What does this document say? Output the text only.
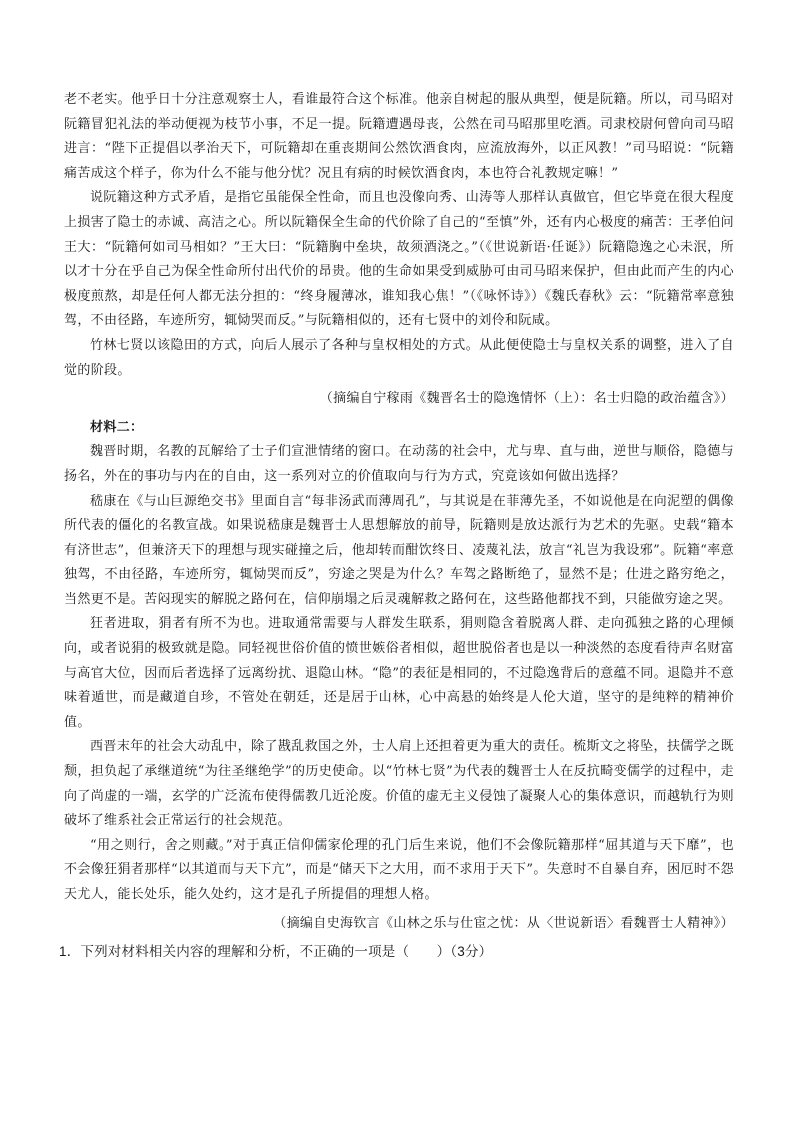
老不老实。他乎日十分注意观察士人，看谁最符合这个标准。他亲自树起的服从典型，便是阮籍。所以，司马昭对阮籍冒犯礼法的举动便视为枝节小事，不足一提。阮籍遭遇母丧，公然在司马昭那里吃酒。司隶校尉何曾向司马昭进言：“陛下正提倡以孝治天下，可阮籍却在重丧期间公然饮酒食肉，应流放海外，以正风教！”司马昭说：“阮籍痛苦成这个样子，你为什么不能与他分忧？况且有病的时候饮酒食肉，本也符合礼教规定嘛！”

说阮籍这种方式矛盾，是指它虽能保全性命，而且也没像向秀、山涛等人那样认真做官，但它毕竟在很大程度上损害了隐士的赤诚、高洁之心。所以阮籍保全生命的代价除了自己的“至慎”外，还有内心极度的痛苦：王孝伯问王大：“阮籍何如司马相如？”王大曰：“阮籍胸中垒块，故须酒浇之。”（《世说新语·任诞》）阮籍隐逸之心未泯，所以才十分在乎自己为保全性命所付出代价的昂贵。他的生命如果受到威胁可由司马昭来保护，但由此而产生的内心极度煎熬，却是任何人都无法分担的：“终身履薄冰，谁知我心焦！”（《咏怀诗》）《魏氏春秋》云：“阮籍常率意独驾，不由径路，车迹所穷，辄恸哭而反。”与阮籍相似的，还有七贤中的刘伶和阮咸。

竹林七贤以该隐田的方式，向后人展示了各种与皇权相处的方式。从此便使隐士与皇权关系的调整，进入了自觉的阶段。

（摘编自宁稼雨《魏晋名士的隐逸情怀（上）：名士归隐的政治蕴含》）

材料二：

魏晋时期，名教的瓦解给了士子们宣泄情绪的窗口。在动荡的社会中，尤与卑、直与曲，逆世与顺俗，隐德与扬名，外在的事功与内在的自由，这一系列对立的价值取向与行为方式，究竟该如何做出选择？

嵇康在《与山巨源绝交书》里面自言“每非汤武而薄周孔”，与其说是在菲薄先圣，不如说他是在向泥塑的偶像所代表的僵化的名教宣战。如果说嵇康是魏晋士人思想解放的前导，阮籍则是放达派行为艺术的先驱。史载“籍本有济世志”，但兼济天下的理想与现实碰撞之后，他却转而酣饮终日、凌蔑礼法，放言“礼岂为我设邪”。阮籍“率意独驾，不由径路，车迹所穷，辄恸哭而反”，穷途之哭是为什么？车驾之路断绝了，显然不是；仕进之路穷绝之，当然更不是。苦闷现实的解脱之路何在，信仰崩塌之后灵魂解救之路何在，这些路他都找不到，只能做穷途之哭。

狂者进取，狷者有所不为也。进取通常需要与人群发生联系，狷则隐含着脱离人群、走向孤独之路的心理倾向，或者说狷的极致就是隐。同轻视世俗价值的愤世嫉俗者相似，超世脱俗者也是以一种淡然的态度看待声名财富与高官大位，因而后者选择了远离纷扰、退隐山林。“隐”的表征是相同的，不过隐逸背后的意蕴不同。退隐并不意味着遁世，而是藏道自珍，不管处在朝廷，还是居于山林，心中高悬的始终是人伦大道，坚守的是纯粹的精神价值。

西晋末年的社会大动乱中，除了戡乱救国之外，士人肩上还担着更为重大的责任。梳斯文之将坠，扶儒学之既颓，担负起了承继道统“为往圣继绝学”的历史使命。以“竹林七贤”为代表的魏晋士人在反抗畸变儒学的过程中，走向了尚虚的一端，玄学的广泛流布使得儒教几近沦废。价值的虚无主义侵蚀了凝聚人心的集体意识，而越轨行为则破坏了维系社会正常运行的社会规范。

“用之则行，舍之则藏。”对于真正信仰儒家伦理的孔门后生来说，他们不会像阮籍那样“屈其道与天下靡”，也不会像狂狷者那样“以其道而与天下亢”，而是“储天下之大用，而不求用于天下”。失意时不自暴自弃，困厄时不怨天尤人，能长处乐，能久处约，这才是孔子所提倡的理想人格。

（摘编自史海钦言《山林之乐与仕宦之忧：从〈世说新语〉看魏晋士人精神》）

1．下列对材料相关内容的理解和分析，不正确的一项是（　　）（3分）
